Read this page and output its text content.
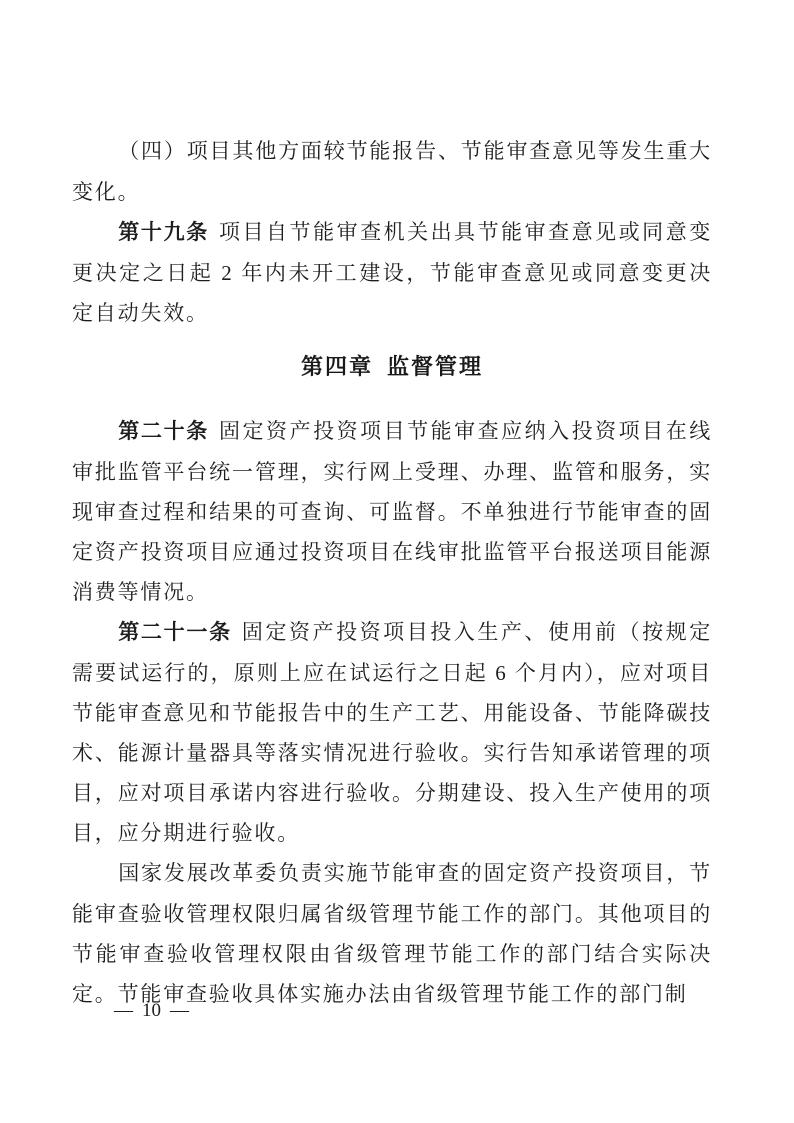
（四）项目其他方面较节能报告、节能审查意见等发生重大变化。

第十九条 项目自节能审查机关出具节能审查意见或同意变更决定之日起 2 年内未开工建设，节能审查意见或同意变更决定自动失效。

第四章 监督管理

第二十条 固定资产投资项目节能审查应纳入投资项目在线审批监管平台统一管理，实行网上受理、办理、监管和服务，实现审查过程和结果的可查询、可监督。不单独进行节能审查的固定资产投资项目应通过投资项目在线审批监管平台报送项目能源消费等情况。

第二十一条 固定资产投资项目投入生产、使用前（按规定需要试运行的，原则上应在试运行之日起 6 个月内），应对项目节能审查意见和节能报告中的生产工艺、用能设备、节能降碳技术、能源计量器具等落实情况进行验收。实行告知承诺管理的项目，应对项目承诺内容进行验收。分期建设、投入生产使用的项目，应分期进行验收。

国家发展改革委负责实施节能审查的固定资产投资项目，节能审查验收管理权限归属省级管理节能工作的部门。其他项目的节能审查验收管理权限由省级管理节能工作的部门结合实际决定。节能审查验收具体实施办法由省级管理节能工作的部门制

— 10 —
